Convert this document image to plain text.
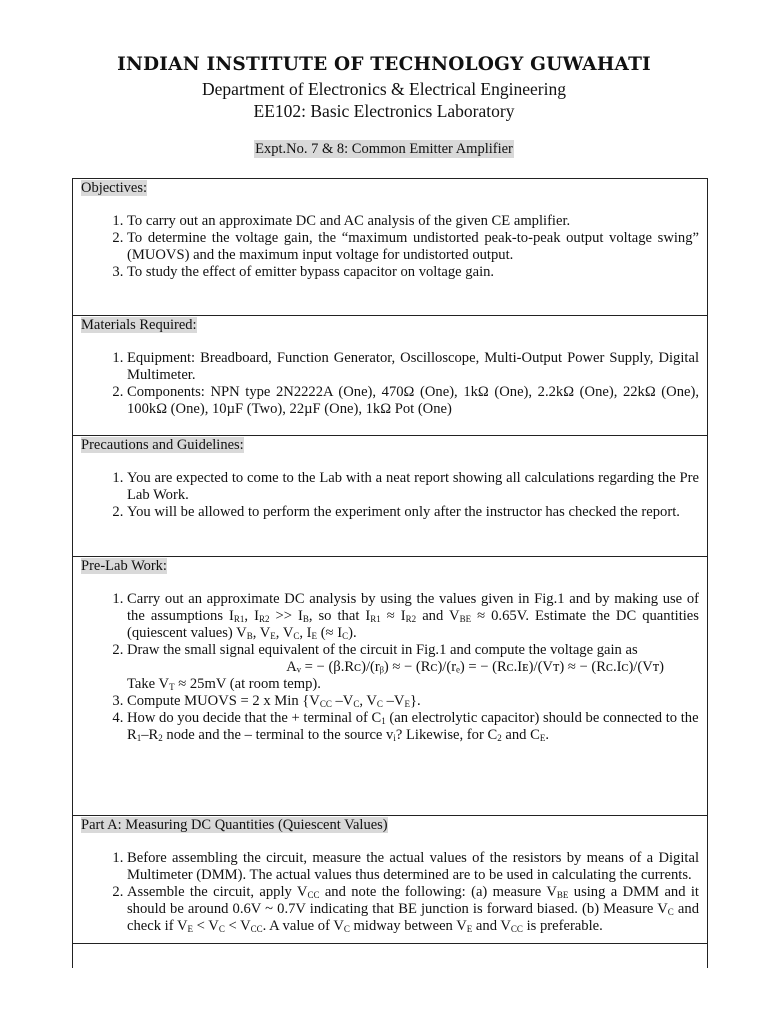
INDIAN INSTITUTE OF TECHNOLOGY GUWAHATI
Department of Electronics & Electrical Engineering
EE102: Basic Electronics Laboratory
Expt.No. 7 & 8: Common Emitter Amplifier
Objectives:
1. To carry out an approximate DC and AC analysis of the given CE amplifier.
2. To determine the voltage gain, the “maximum undistorted peak-to-peak output voltage swing” (MUOVS) and the maximum input voltage for undistorted output.
3. To study the effect of emitter bypass capacitor on voltage gain.
Materials Required:
1. Equipment: Breadboard, Function Generator, Oscilloscope, Multi-Output Power Supply, Digital Multimeter.
2. Components: NPN type 2N2222A (One), 470Ω (One), 1kΩ (One), 2.2kΩ (One), 22kΩ (One), 100kΩ (One), 10µF (Two), 22µF (One), 1kΩ Pot (One)
Precautions and Guidelines:
1. You are expected to come to the Lab with a neat report showing all calculations regarding the Pre Lab Work.
2. You will be allowed to perform the experiment only after the instructor has checked the report.
Pre-Lab Work:
1. Carry out an approximate DC analysis by using the values given in Fig.1 and by making use of the assumptions $I_{R1}$, $I_{R2} >> I_B$, so that $I_{R1} \approx I_{R2}$ and $V_{BE} \approx 0.65V$. Estimate the DC quantities (quiescent values) $V_B$, $V_E$, $V_C$, $I_E$ (≈ $I_C$).
2. Draw the small signal equivalent of the circuit in Fig.1 and compute the voltage gain as
Aᵥ = − (β.Rᴄ)/(rᵦ) ≈ − (Rᴄ)/(rₑ) = − (Rᴄ.Iᴇ)/(Vᴛ) ≈ − (Rᴄ.Iᴄ)/(Vᴛ)
Take $V_T \approx 25mV$ (at room temp).
3. Compute MUOVS = 2 x Min {$V_{CC}$ $-V_C$, $V_C$ $-V_E$}.
4. How do you decide that the + terminal of $C_1$ (an electrolytic capacitor) should be connected to the $R_1-R_2$ node and the – terminal to the source $v_i$? Likewise, for $C_2$ and $C_E$.
Part A: Measuring DC Quantities (Quiescent Values)
1. Before assembling the circuit, measure the actual values of the resistors by means of a Digital Multimeter (DMM). The actual values thus determined are to be used in calculating the currents.
2. Assemble the circuit, apply $V_{CC}$ and note the following: (a) measure $V_{BE}$ using a DMM and it should be around 0.6V ~ 0.7V indicating that BE junction is forward biased. (b) Measure $V_C$ and check if $V_E < V_C < V_{CC}$. A value of $V_C$ midway between $V_E$ and $V_{CC}$ is preferable.
